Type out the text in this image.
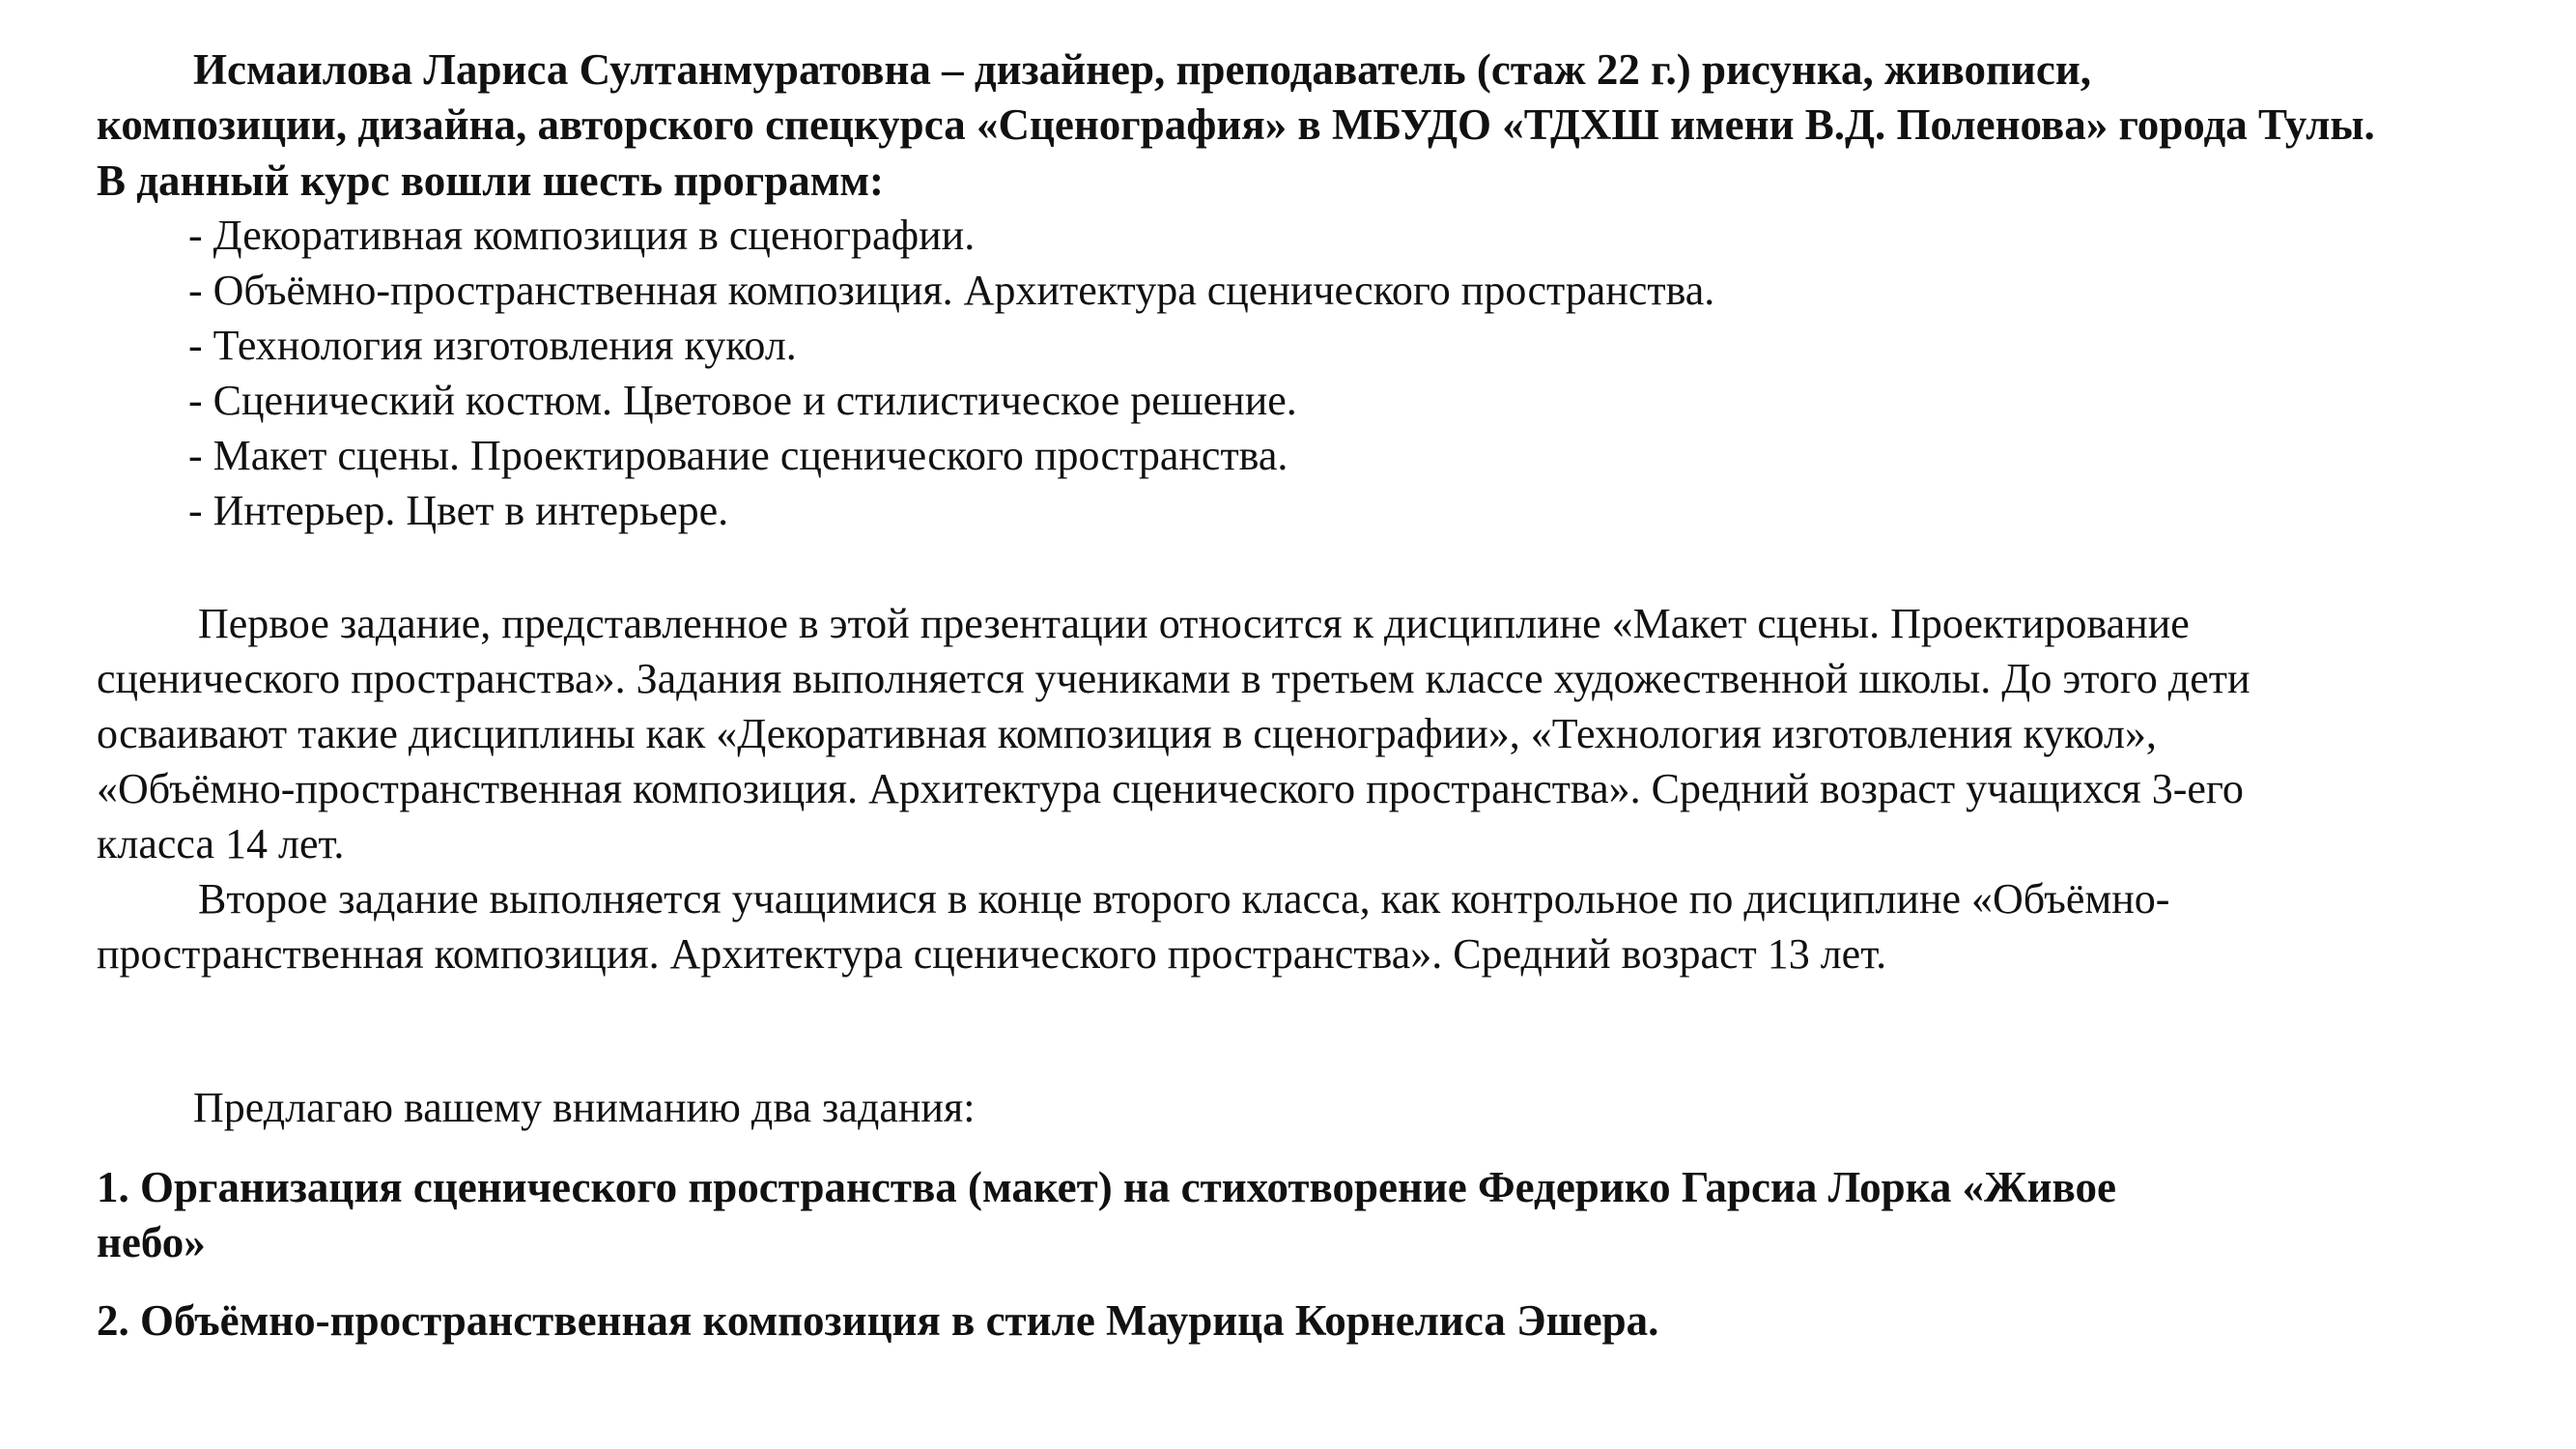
Исмаилова Лариса Султанмуратовна – дизайнер, преподаватель (стаж 22 г.) рисунка, живописи,

композиции, дизайна, авторского спецкурса «Сценография» в МБУДО «ТДХШ имени В.Д. Поленова» города Тулы.

В данный курс вошли шесть программ:

- Декоративная композиция в сценографии.

- Объёмно-пространственная композиция. Архитектура сценического пространства.

- Технология изготовления кукол.

- Сценический костюм. Цветовое и стилистическое решение.

- Макет сцены. Проектирование сценического пространства.

- Интерьер. Цвет в интерьере.

Первое задание, представленное в этой презентации относится к дисциплине «Макет сцены. Проектирование

сценического пространства». Задания выполняется учениками в третьем классе художественной школы. До этого дети

осваивают такие дисциплины как «Декоративная композиция в сценографии», «Технология изготовления кукол»,

«Объёмно-пространственная композиция. Архитектура сценического пространства». Средний возраст учащихся 3-его

класса 14 лет.

Второе задание выполняется учащимися в конце второго класса, как контрольное по дисциплине «Объёмно-

пространственная композиция. Архитектура сценического пространства». Средний возраст 13 лет.

Предлагаю вашему вниманию два задания:

1. Организация сценического пространства (макет) на стихотворение Федерико Гарсиа Лорка «Живое

небо»

2. Объёмно-пространственная композиция в стиле Маурица Корнелиса Эшера.
